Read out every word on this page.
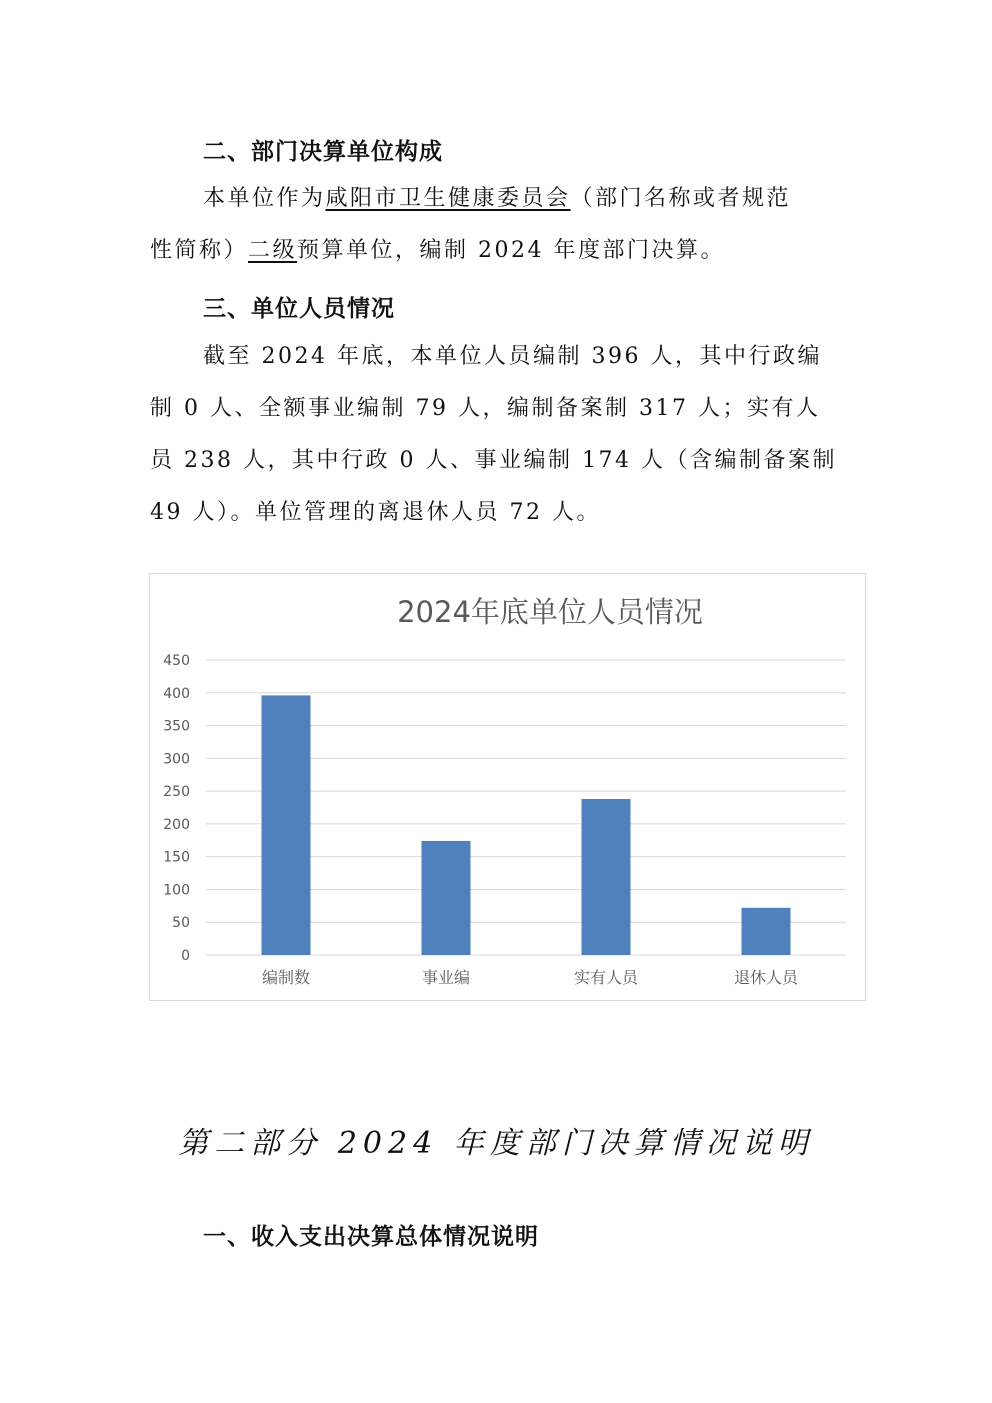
二、部门决算单位构成
本单位作为咸阳市卫生健康委员会（部门名称或者规范
性简称）二级预算单位，编制 2024 年度部门决算。
三、单位人员情况
截至 2024 年底，本单位人员编制 396 人，其中行政编
制 0 人、全额事业编制 79 人，编制备案制 317 人；实有人
员 238 人，其中行政 0 人、事业编制 174 人（含编制备案制
49 人）。单位管理的离退休人员 72 人。
2024年底单位人员情况
0
50
100
150
200
250
300
350
400
450
编制数	事业编	实有人员	退休人员
第二部分 2024 年度部门决算情况说明
一、收入支出决算总体情况说明
